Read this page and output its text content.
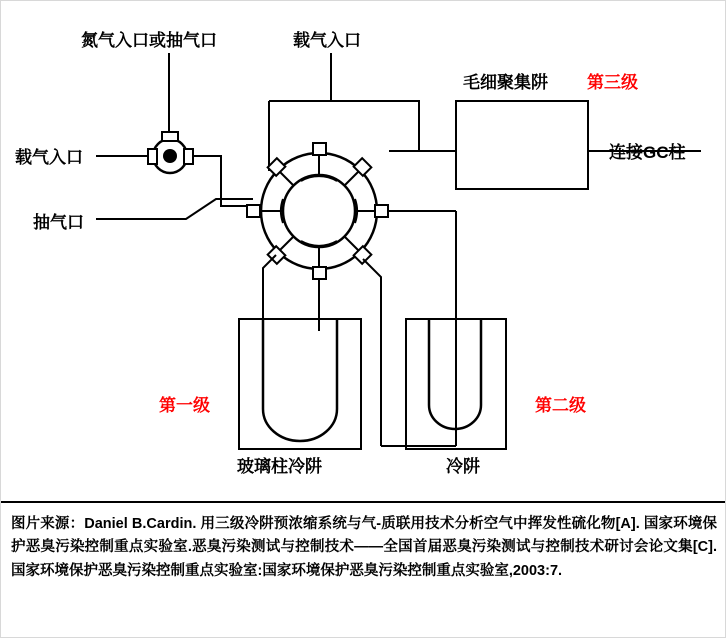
氮气入口或抽气口	载气入口
毛细聚集阱 第三级
载气入口	连接GC柱
抽气口
第一级	第二级
玻璃柱冷阱	冷阱

图片来源：Daniel B.Cardin. 用三级冷阱预浓缩系统与气-质联用技术分析空气中挥发性硫化物[A]. 国家环境保护恶臭污染控制重点实验室.恶臭污染测试与控制技术——全国首届恶臭污染测试与控制技术研讨会论文集[C].国家环境保护恶臭污染控制重点实验室:国家环境保护恶臭污染控制重点实验室,2003:7.
